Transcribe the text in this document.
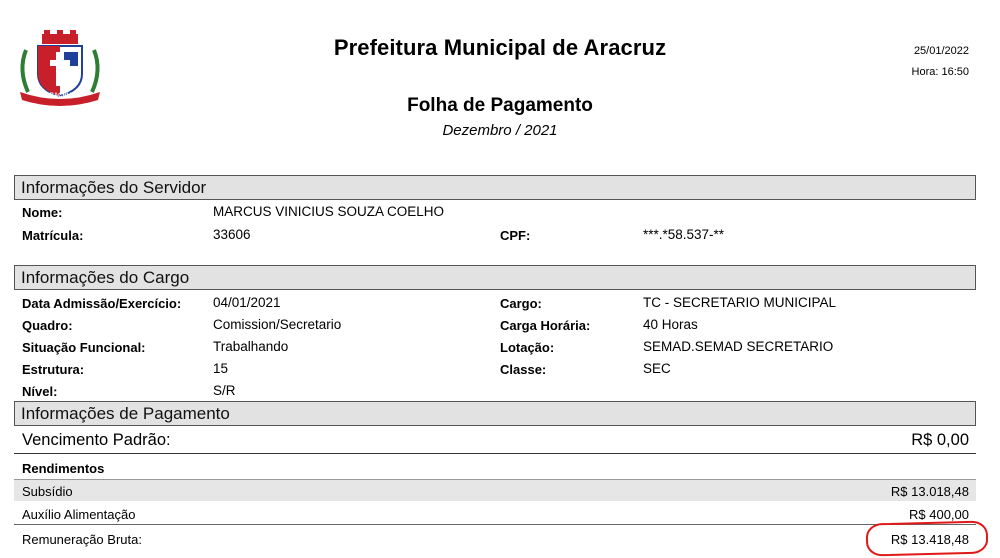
ARACRUZ
Prefeitura Municipal de Aracruz
Folha de Pagamento
Dezembro / 2021
25/01/2022
Hora: 16:50
Informações do Servidor
Nome:	MARCUS VINICIUS SOUZA COELHO
Matrícula:	33606	CPF:	***.*58.537-**
Informações do Cargo
Data Admissão/Exercício: 04/01/2021	Cargo:	TC - SECRETARIO MUNICIPAL
Quadro:	Comission/Secretario	Carga Horária:	40 Horas
Situação Funcional:	Trabalhando	Lotação:	SEMAD.SEMAD SECRETARIO
Estrutura:	15	Classe:	SEC
Nível:	S/R
Informações de Pagamento
Vencimento Padrão:	R$ 0,00
Rendimentos
Subsídio	R$ 13.018,48
Auxílio Alimentação	R$ 400,00
Remuneração Bruta:	R$ 13.418,48
